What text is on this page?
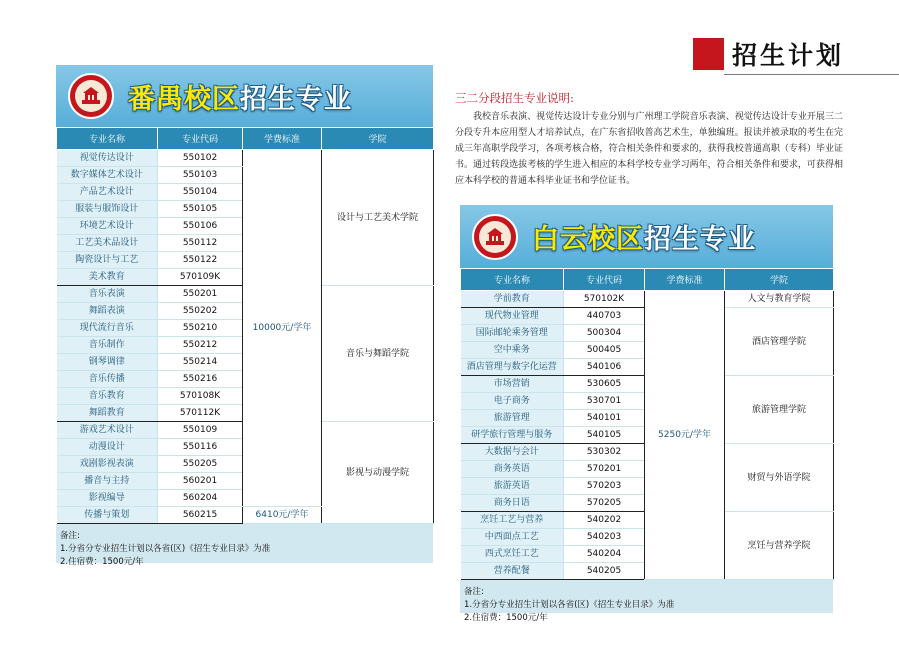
招生计划
三二分段招生专业说明:
我校音乐表演、视觉传达设计专业分别与广州理工学院音乐表演、视觉传达设计专业开展三二分段专升本应用型人才培养试点，在广东省招收普高艺术生，单独编班。报读并被录取的考生在完成三年高职学段学习，各项考核合格，符合相关条件和要求的，获得我校普通高职（专科）毕业证书。通过转段选拔考核的学生进入相应的本科学校专业学习两年，符合相关条件和要求，可获得相应本科学校的普通本科毕业证书和学位证书。
番禺校区招生专业
专业名称	专业代码	学费标准	学院
视觉传达设计	550102	10000元/学年	设计与工艺美术学院
数字媒体艺术设计	550103		
产品艺术设计	550104		
服装与服饰设计	550105		
环境艺术设计	550106		
工艺美术品设计	550112		
陶瓷设计与工艺	550122		
美术教育	570109K		
音乐表演	550201		音乐与舞蹈学院
舞蹈表演	550202		
现代流行音乐	550210		
音乐制作	550212		
钢琴调律	550214		
音乐传播	550216		
音乐教育	570108K		
舞蹈教育	570112K		
游戏艺术设计	550109		影视与动漫学院
动漫设计	550116		
戏剧影视表演	550205		
播音与主持	560201		
影视编导	560204		
传播与策划	560215	6410元/学年	
备注:
1.分省分专业招生计划以各省(区)《招生专业目录》为准
2.住宿费：1500元/年
白云校区招生专业
专业名称	专业代码	学费标准	学院
学前教育	570102K	5250元/学年	人文与教育学院
现代物业管理	440703		酒店管理学院
国际邮轮乘务管理	500304		
空中乘务	500405		
酒店管理与数字化运营	540106		
市场营销	530605		旅游管理学院
电子商务	530701		
旅游管理	540101		
研学旅行管理与服务	540105		
大数据与会计	530302		财贸与外语学院
商务英语	570201		
旅游英语	570203		
商务日语	570205		
烹饪工艺与营养	540202		烹饪与营养学院
中西面点工艺	540203		
西式烹饪工艺	540204		
营养配餐	540205		
备注:
1.分省分专业招生计划以各省(区)《招生专业目录》为准
2.住宿费：1500元/年
